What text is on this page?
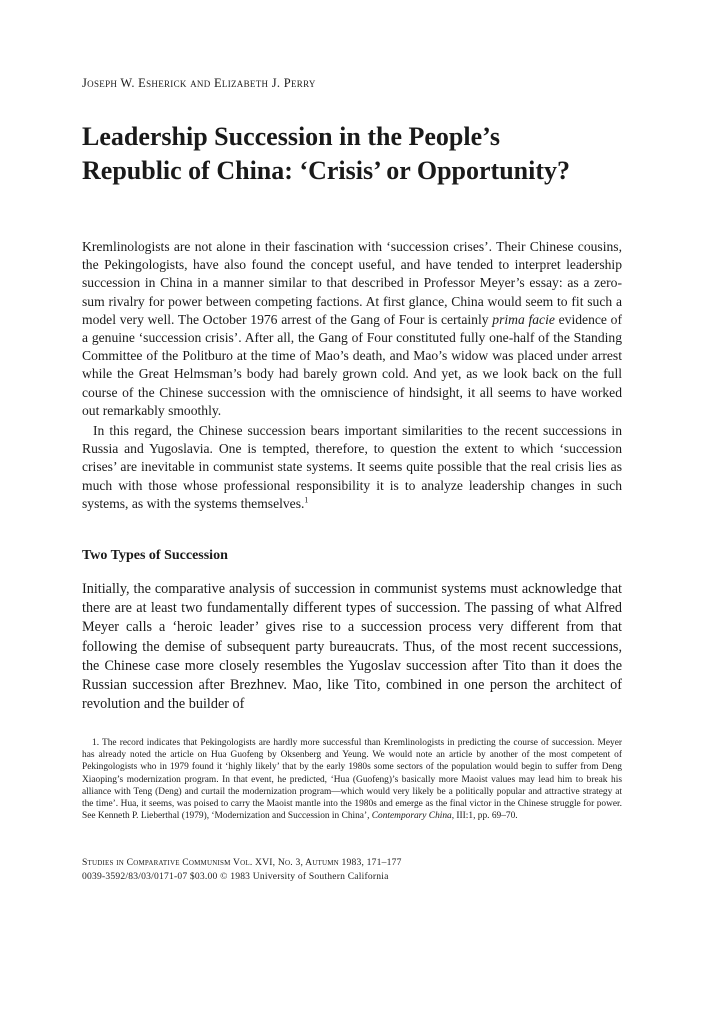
Joseph W. Esherick and Elizabeth J. Perry
Leadership Succession in the People’s
Republic of China: ‘Crisis’ or Opportunity?

Kremlinologists are not alone in their fascination with ‘succession crises’. Their Chinese cousins, the Pekingologists, have also found the concept useful, and have tended to interpret leadership succession in China in a manner similar to that described in Professor Meyer’s essay: as a zero-sum rivalry for power between competing factions. At first glance, China would seem to fit such a model very well. The October 1976 arrest of the Gang of Four is certainly prima facie evidence of a genuine ‘succession crisis’. After all, the Gang of Four constituted fully one-half of the Standing Committee of the Politburo at the time of Mao’s death, and Mao’s widow was placed under arrest while the Great Helmsman’s body had barely grown cold. And yet, as we look back on the full course of the Chinese succession with the omniscience of hindsight, it all seems to have worked out remarkably smoothly.

In this regard, the Chinese succession bears important similarities to the recent successions in Russia and Yugoslavia. One is tempted, therefore, to question the extent to which ‘succession crises’ are inevitable in communist state systems. It seems quite possible that the real crisis lies as much with those whose professional responsibility it is to analyze leadership changes in such systems, as with the systems themselves.$^1$

Two Types of Succession

Initially, the comparative analysis of succession in communist systems must acknowledge that there are at least two fundamentally different types of succession. The passing of what Alfred Meyer calls a ‘heroic leader’ gives rise to a succession process very different from that following the demise of subsequent party bureaucrats. Thus, of the most recent successions, the Chinese case more closely resembles the Yugoslav succession after Tito than it does the Russian succession after Brezhnev. Mao, like Tito, combined in one person the architect of revolution and the builder of

1. The record indicates that Pekingologists are hardly more successful than Kremlinologists in predicting the course of succession. Meyer has already noted the article on Hua Guofeng by Oksenberg and Yeung. We would note an article by another of the most competent of Pekingologists who in 1979 found it ‘highly likely’ that by the early 1980s some sectors of the population would begin to suffer from Deng Xiaoping’s modernization program. In that event, he predicted, ‘Hua (Guofeng)’s basically more Maoist values may lead him to break his alliance with Teng (Deng) and curtail the modernization program—which would very likely be a politically popular and attractive strategy at the time’. Hua, it seems, was poised to carry the Maoist mantle into the 1980s and emerge as the final victor in the Chinese struggle for power. See Kenneth P. Lieberthal (1979), ‘Modernization and Succession in China’, Contemporary China, III:1, pp. 69–70.
Studies in Comparative Communism Vol. XVI, No. 3, Autumn 1983, 171–177
0039-3592/83/03/0171-07 $03.00 © 1983 University of Southern California
